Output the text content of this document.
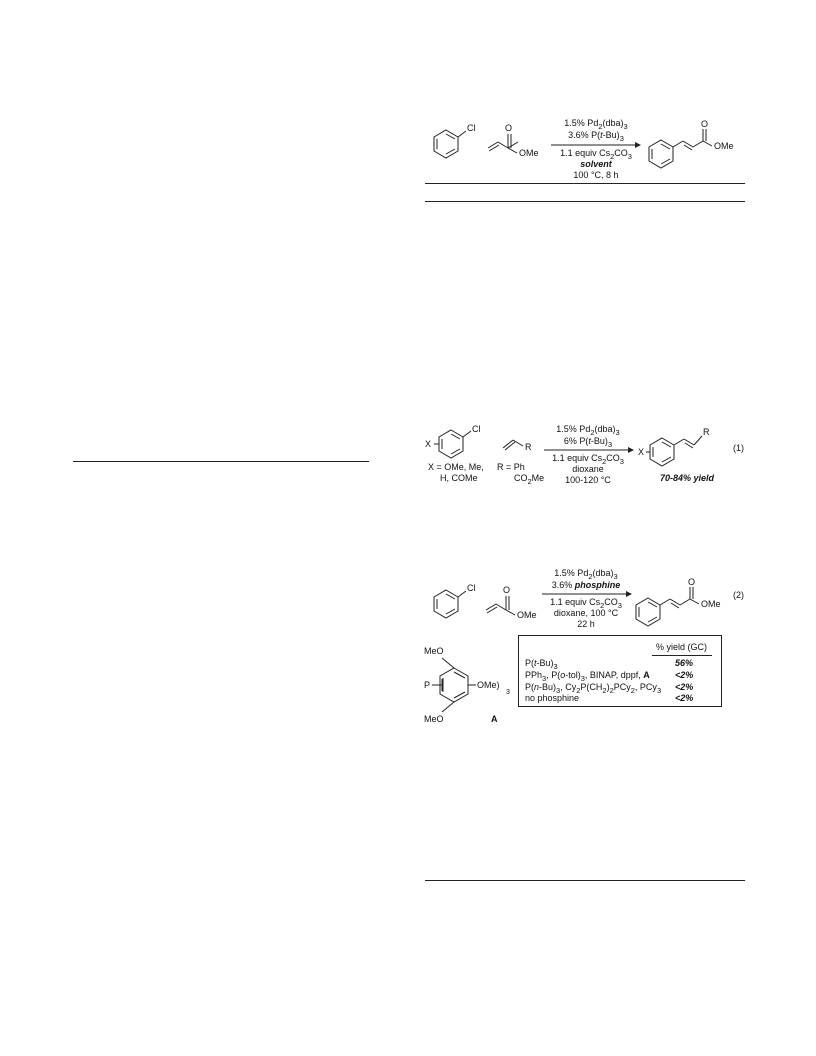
Cl	O
OMe
1.5% $Pd_2(dba)_3$
3.6% $P(t-Bu)_3$
1.1 equiv $Cs_2CO_3$
solvent
100 °C, 8 h
O
OMe
Cl
X
X = OMe, Me,
H, COMe
R
R = Ph
$CO_2Me$
1.5% $Pd_2(dba)_3$
6% $P(t-Bu)_3$
1.1 equiv $Cs_2CO_3$
dioxane
100-120 °C
X
R
70-84% yield
(1)
Cl	O
OMe
1.5% $Pd_2(dba)_3$
3.6% phosphine
1.1 equiv $Cs_2CO_3$
dioxane, 100 °C
22 h
O
OMe
(2)
MeO
MeO
P	OMe)
3
A
% yield (GC)
$P(t-Bu)_3$	56%
PPh$_3$, $P(o-tol)_3$, BINAP, dppf, A	<2%
$P(n-Bu)_3$, $Cy_2P(CH_2)_2PCy_2$, PCy$_3$ <2%
no phosphine	<2%
